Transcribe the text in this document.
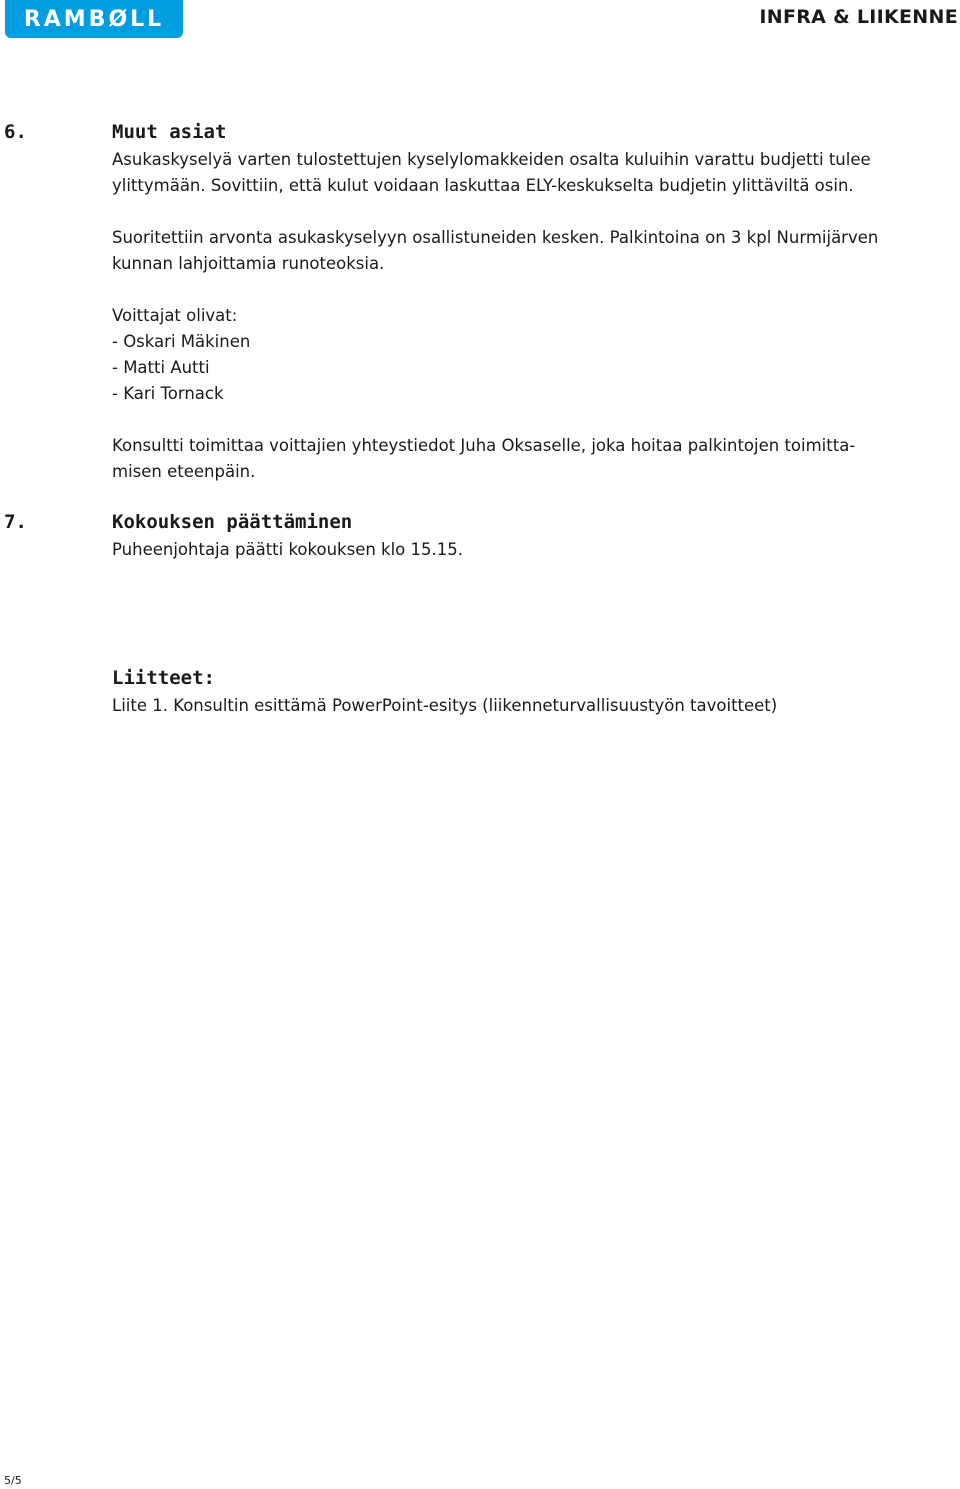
RAMBØLL	INFRA & LIIKENNE
6.	Muut asiat
Asukaskyselyä varten tulostettujen kyselylomakkeiden osalta kuluihin varattu budjetti tulee
ylittymään. Sovittiin, että kulut voidaan laskuttaa ELY-keskukselta budjetin ylittäviltä osin.
Suoritettiin arvonta asukaskyselyyn osallistuneiden kesken. Palkintoina on 3 kpl Nurmijärven
kunnan lahjoittamia runoteoksia.
Voittajat olivat:
- Oskari Mäkinen
- Matti Autti
- Kari Tornack
Konsultti toimittaa voittajien yhteystiedot Juha Oksaselle, joka hoitaa palkintojen toimitta-
misen eteenpäin.
7.	Kokouksen päättäminen
Puheenjohtaja päätti kokouksen klo 15.15.
Liitteet:
Liite 1. Konsultin esittämä PowerPoint-esitys (liikenneturvallisuustyön tavoitteet)
5/5
